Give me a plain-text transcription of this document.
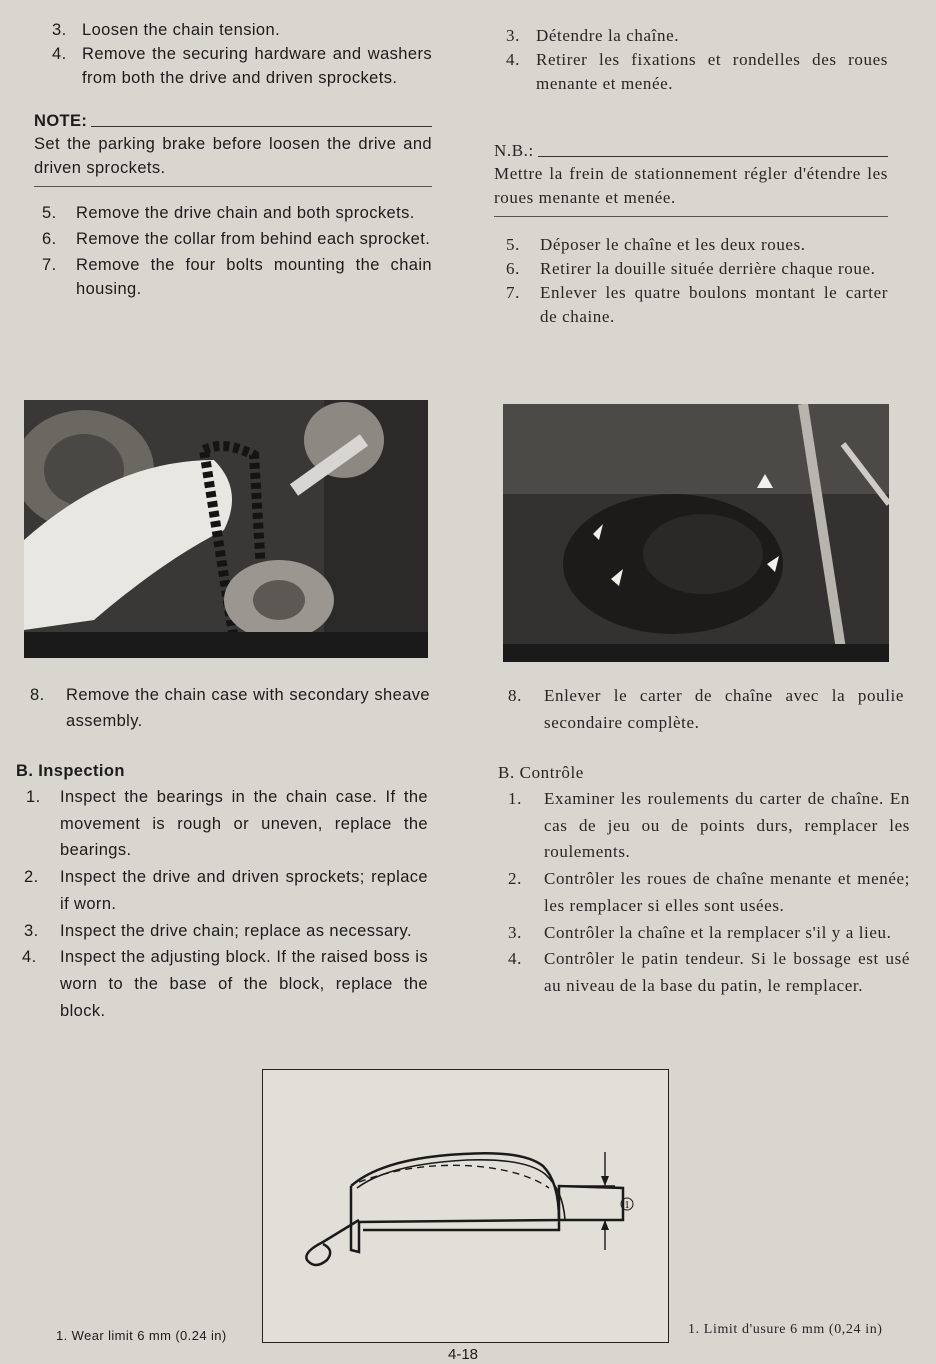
3. Loosen the chain tension.
4. Remove the securing hardware and washers from both the drive and driven sprockets.
NOTE:
Set the parking brake before loosen the drive and driven sprockets.
5.	Remove the drive chain and both sprockets.
6.	Remove the collar from behind each sprocket.
7.	Remove the four bolts mounting the chain housing.
3. Détendre la chaîne.
4. Retirer les fixations et rondelles des roues menante et menée.
N.B.:
Mettre la frein de stationnement régler d'étendre les roues menante et menée.
5.	Déposer le chaîne et les deux roues.
6.	Retirer la douille située derrière chaque roue.
7.	Enlever les quatre boulons montant le carter de chaine.
8.	Remove the chain case with secondary sheave assembly.
8.	Enlever le carter de chaîne avec la poulie secondaire complète.
B. Inspection
1.	Inspect the bearings in the chain case. If the movement is rough or uneven, replace the bearings.
2.	Inspect the drive and driven sprockets; replace if worn.
3.	Inspect the drive chain; replace as necessary.
4.	Inspect the adjusting block. If the raised boss is worn to the base of the block, replace the block.
B. Contrôle
1.	Examiner les roulements du carter de chaîne. En cas de jeu ou de points durs, remplacer les roulements.
2.	Contrôler les roues de chaîne menante et menée; les remplacer si elles sont usées.
3.	Contrôler la chaîne et la remplacer s'il y a lieu.
4.	Contrôler le patin tendeur. Si le bossage est usé au niveau de la base du patin, le remplacer.
1
1. Wear limit 6 mm (0.24 in)	1. Limit d'usure 6 mm (0,24 in)
4-18
